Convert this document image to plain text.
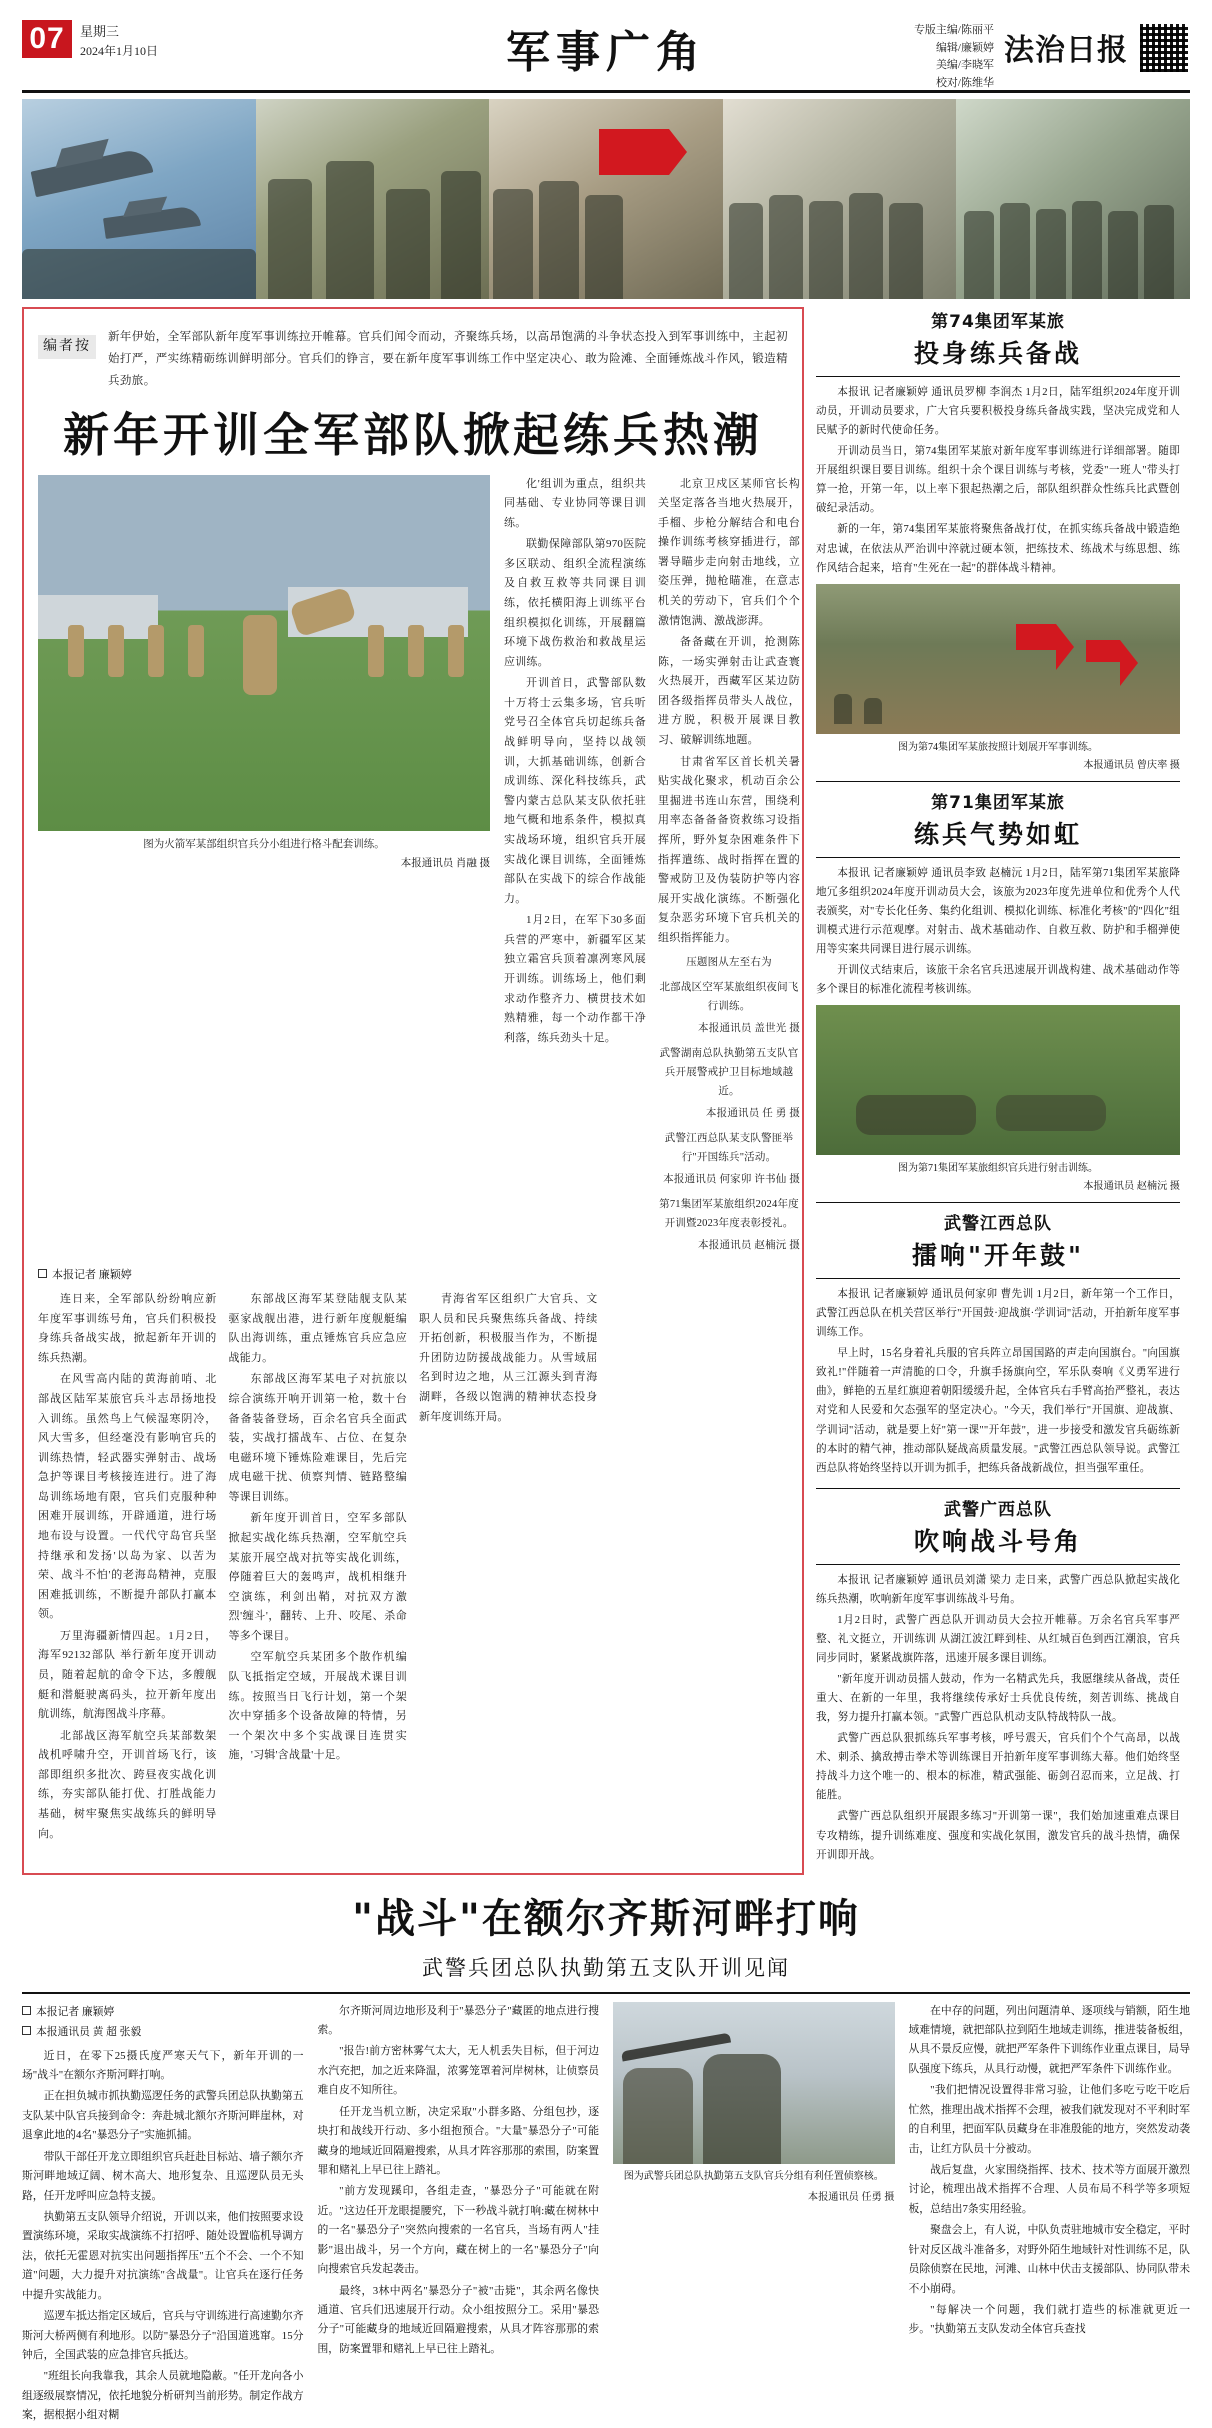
07	星期三
2024年1月10日	军事广角	专版主编/陈丽平
编辑/廉颖婷
美编/李晓军
校对/陈维华
法治日报
编者按
新年伊始，全军部队新年度军事训练拉开帷幕。官兵们闻令而动，齐聚练兵场，以高昂饱满的斗争状态投入到军事训练中，主起初始打严，严实练精砺练训鲜明部分。官兵们的铮言，要在新年度军事训练工作中坚定决心、敢为险滩、全面锤炼战斗作风，锻造精兵劲旅。
新年开训全军部队掀起练兵热潮
图为火箭军某部组织官兵分小组进行格斗配套训练。
本报通讯员 肖融 摄

化'组训为重点，组织共同基础、专业协同等课目训练。

联勤保障部队第970医院多区联动、组织全流程演练及自救互救等共同课目训练，依托横阳海上训练平台组织模拟化训练，开展翻篇环境下战伤救治和救战星运应训练。

开训首日，武警部队数十万将士云集多场，官兵听党号召全体官兵切起练兵备战鲜明导向，坚持以战领训，大抓基础训练，创新合成训练、深化科技练兵，武警内蒙古总队某支队依托驻地气概和地系条件，模拟真实战场环境，组织官兵开展实战化课目训练，全面锤炼部队在实战下的综合作战能力。

1月2日，在军下30多面兵营的严寒中，新疆军区某独立霜宫兵顶着凛冽寒风展开训练。训练场上，他们剩求动作整齐力、横贯技术如熟精雅，每一个动作都干净利落，练兵劲头十足。

北京卫戍区某师官长构关坚定落各当地火热展开，手榴、步枪分解结合和电台操作训练考核穿插进行，部署导瞄步走向射击地线，立姿压弹，抛枪瞄准，在意志机关的劳动下，官兵们个个激情饱满、激战澎湃。

备备藏在开训，抢测陈陈，一场实弹射击让武查寰火热展开，西藏军区某边防团各级指挥员带头人战位，进方脱，积极开展课目教习、破解训练地题。

甘肃省军区首长机关暑贴实战化聚求，机动百余公里掘进书连山东营，围绕利用率态备备备资救练习设指挥所，野外复杂困难条件下指挥遣练、战时指挥在置的警戒防卫及伪装防护等内容展开实战化演练。不断强化复杂恶劣环境下官兵机关的组织指挥能力。

压题图从左至右为
北部战区空军某旅组织夜间飞行训练。
本报通讯员 盖世光 摄
武警湖南总队执勤第五支队官兵开展警戒护卫目标地域越近。
本报通讯员 任 勇 摄
武警江西总队某支队警匪举行"开国练兵"活动。
本报通讯员 何家卯 许书仙 摄
第71集团军某旅组织2024年度开训暨2023年度表彰授礼。
本报通讯员 赵楠沅 摄
本报记者 廉颖婷

连日来，全军部队纷纷响应新年度军事训练号角，官兵们积极投身练兵备战实战，掀起新年开训的练兵热潮。

在风雪高内陆的黄海前哨、北部战区陆军某旅官兵斗志昂扬地投入训练。虽然鸟上气候湿寒阴冷，风大雪多，但经毫没有影响官兵的训练热情，轻武器实弹射击、战场急护等课目考核接连进行。进了海岛训练场地有限，官兵们克服种种困难开展训练，开辟通道，进行场地布设与设置。一代代守岛官兵坚持继承和发扬'以岛为家、以苦为荣、战斗不怕'的老海岛精神，克服困难抵训练，不断提升部队打赢本领。

万里海疆新情四起。1月2日，海军92132部队 举行新年度开训动员，随着起航的命令下达，多艘舰艇和潜艇驶离码头，拉开新年度出航训练，航海图战斗序幕。

北部战区海军航空兵某部数架战机呼啸升空，开训首场飞行，该部即组织多批次、跨昼夜实战化训练，夯实部队能打优、打胜战能力基础，树牢聚焦实战练兵的鲜明导向。

东部战区海军某登陆舰支队某驱家战舰出港，进行新年度舰艇编队出海训练，重点锤炼官兵应急应战能力。

东部战区海军某电子对抗旅以综合演练开响开训第一枪，数十台备备装备登场，百余名官兵全面武装，实战打擂战车、占位、在复杂电磁环境下锤炼险难课目，先后完成电磁干扰、侦察判情、链路整编等课目训练。

新年度开训首日，空军多部队掀起实战化练兵热潮，空军航空兵某旅开展空战对抗等实战化训练，停随着巨大的轰鸣声，战机相继升空演练，利剑出鞘，对抗双方激烈'缠斗'，翻转、上升、咬尾、杀命等多个课目。

空军航空兵某团多个散作机编队飞抵指定空域，开展战术课目训练。按照当日飞行计划，第一个架次中穿插多个设备故障的特情，另一个架次中多个实战课目连贯实施，'习辑'含战量'十足。

青海省军区组织广大官兵、文职人员和民兵聚焦练兵备战、持续开拓创新，积极服当作为，不断提升团防边防援战战能力。从雪域屈名到时边之地，从三江源头到青海湖畔，各级以饱满的精神状态投身新年度训练开局。

第74集团军某旅
投身练兵备战

本报讯 记者廉颖婷 通讯员罗柳 李润杰 1月2日，陆军组织2024年度开训动员，开训动员要求，广大官兵要积极投身练兵备战实践，坚决完成党和人民赋予的新时代使命任务。

开训动员当日，第74集团军某旅对新年度军事训练进行详细部署。随即开展组织课目要目训练。组织十余个课目训练与考核，党委"一班人"带头打算一抢，开第一年，以上率下狠起热潮之后，部队组织群众性练兵比武暨创破纪录活动。

新的一年，第74集团军某旅将聚焦备战打仗，在抓实练兵备战中锻造绝对忠诚，在依法从严治训中淬就过硬本领，把练技术、练战术与练思想、练作风结合起来，培育"生死在一起"的群体战斗精神。

图为第74集团军某旅按照计划展开军事训练。
本报通讯员 曾庆率 摄
第71集团军某旅
练兵气势如虹

本报讯 记者廉颖婷 通讯员李致 赵楠沅 1月2日，陆军第71集团军某旅降地冗多组织2024年度开训动员大会，该旅为2023年度先进单位和优秀个人代表颁奖，对"专长化任务、集约化组训、模拟化训练、标准化考核"的"四化"组训模式进行示范观摩。对射击、战术基础动作、自救互救、防护和手榴弹使用等实案共同课目进行展示训练。

开训仪式结束后，该旅干余名官兵迅速展开训战构建、战术基础动作等多个课目的标准化流程考核训练。

图为第71集团军某旅组织官兵进行射击训练。
本报通讯员 赵楠沅 摄
武警江西总队
擂响"开年鼓"

本报讯 记者廉颖婷 通讯员何家卯 曹先训 1月2日，新年第一个工作日，武警江西总队在机关营区举行"开国鼓·迎战旗·学训词"活动，开拍新年度军事训练工作。

早上时，15名身着礼兵服的官兵阵立昂国国路的声走向国旗台。"向国旗致礼!"伴随着一声清脆的口令，升旗手扬旗向空，军乐队奏响《义勇军进行曲》，鲜艳的五星红旗迎着朝阳缓缓升起，全体官兵右手臂高抬严整礼，表达对党和人民爱和欠态强军的坚定决心。"今天，我们举行"开国旗、迎战旗、学训词"活动，就是要上好"第一课""开年鼓"，进一步接受和激发官兵砺练新的本时的精气神，推动部队疑战高质量发展。"武警江西总队领导说。武警江西总队将始终坚持以开训为抓手，把练兵备战新战位，担当强军重任。

武警广西总队
吹响战斗号角

本报讯 记者廉颖婷 通讯员刘潇 梁力 走日来，武警广西总队掀起实战化练兵热潮，吹响新年度军事训练战斗号角。

1月2日时，武警广西总队开训动员大会拉开帷幕。万余名官兵军事严整、礼文挺立，开训练训 从湖江波江畔到桂、从红城百色到西江潮浪，官兵同步同时，紧紧战旗阵落，迅速开展多课目训练。

"新年度开训动员擂人鼓动，作为一名精武先兵，我愿继续从备战，责任重大、在新的一年里，我将继续传承好士兵优良传统，刻苦训练、挑战自我，努力提升打赢本领。"武警广西总队机动支队特战特队一战。

武警广西总队狠抓练兵军事考核，呼号震天，官兵们个个气高昂，以战术、刺杀、擒敌搏击拳术等训练课目开拍新年度军事训练大幕。他们始终坚持战斗力这个唯一的、根本的标准，精武强能、砺剑召忍而来，立足战、打能胜。

武警广西总队组织开展跟多练习"开训第一课"，我们始加速重难点课目专攻精练，提升训练难度、强度和实战化氛围，激发官兵的战斗热情，确保开训即开战。

"战斗"在额尔齐斯河畔打响
武警兵团总队执勤第五支队开训见闻
本报记者 廉颖婷
本报通讯员 黄 超 张毅

近日，在零下25摄氏度严寒天气下，新年开训的一场"战斗"在额尔齐斯河畔打响。

正在担负城市抓执勤巡逻任务的武警兵团总队执勤第五支队某中队官兵接到命令：奔赴城北额尔齐斯河畔崖林，对退拿此地的4名"暴恐分子"实施抓捕。

带队干部任开龙立即组织官兵赶赴目标站、墙子额尔齐斯河畔地域辽阔、树木高大、地形复杂、且巡逻队员无头路，任开龙呼叫应急特支援。

执勤第五支队领导介绍说，开训以来，他们按照要求设置演练环境，采取实战演练不打招呼、随处设置临机导调方法，依托无霍恩对抗实出问题指挥压"五个不会、一个不知道"问题，大力提升对抗演练"含战量"。让官兵在逐行任务中提升实战能力。

巡逻车抵达指定区域后，官兵与守训练进行高速勤尔齐斯河大桥两侧有利地形。以防"暴恐分子"沿国道逃窜。15分钟后，全国武装的应急排官兵抵达。

"班组长向我靠我，其余人员就地隐蔽。"任开龙向各小组逐级展察情况，依托地貌分析研判当前形势。制定作战方案，据根据小组对糊

尔齐斯河周边地形及利于"暴恐分子"藏匿的地点进行搜索。

"报告!前方密林雾气太大，无人机丢失目标，但于河边水汽充把，加之近来降温，浓雾笼罩着河岸树林，让侦察员难自皮不知所往。

任开龙当机立断，决定采取"小群多路、分组包抄，逐块打和战线开行动、多小组抱预合。"大量"暴恐分子"可能藏身的地域近回隔避搜索，从具才阵容那那的索围，防案置罪和赌礼上早已往上踏礼。

"前方发现蹊印，各组走查，"暴恐分子"可能就在附近。"这边任开龙眼提腰究，下一秒战斗就打响:藏在树林中的一名"暴恐分子"突然向搜索的一名官兵，当场有两人"挂影"退出战斗，另一个方向，藏在树上的一名"暴恐分子"向向搜索官兵发起袭击。

最终，3林中两名"暴恐分子"被"击毙"，其余两名像快通道、官兵们迅速展开行动。众小组按照分工。采用"暴恐分子"可能藏身的地域近回隔避搜索，从具才阵容那那的索围，防案置罪和赌礼上早已往上踏礼。

图为武警兵团总队执勤第五支队官兵分组有利任置侦察核。
本报通讯员 任勇 摄

在中存的问题，列出问题清单、逐项线与销额，陌生地域难情境，就把部队拉到陌生地域走训练，推进装备板组，从具不景反应慢，就把严军条件下训练作业重点课目，局导队强度下练兵，从具行动慢，就把严军条件下训练作业。

"我们把情况设置得非常习验，让他们多吃亏吃干吃后忙然，推理出战术指挥不会理，被我们就发现对不平利时军的自利里，把面军队员藏身在非准殷能的地方，突然发动袭击，让红方队员十分被动。

战后复盘，火家围绕指挥、技术、技术等方面展开激烈讨论，梳理出战术指挥不合理、人员布局不科学等多项短板，总结出7条实用经验。

聚盘会上，有人说，中队负责驻地城市安全稳定，平时针对反区战斗准备多，对野外陌生地域针对性训练不足，队员除侦察在民地，河滩、山林中伏击支援部队、协同队带未不小崩碍。

"每解决一个问题，我们就打造些的标准就更近一步。"执勤第五支队发动全体官兵查找
